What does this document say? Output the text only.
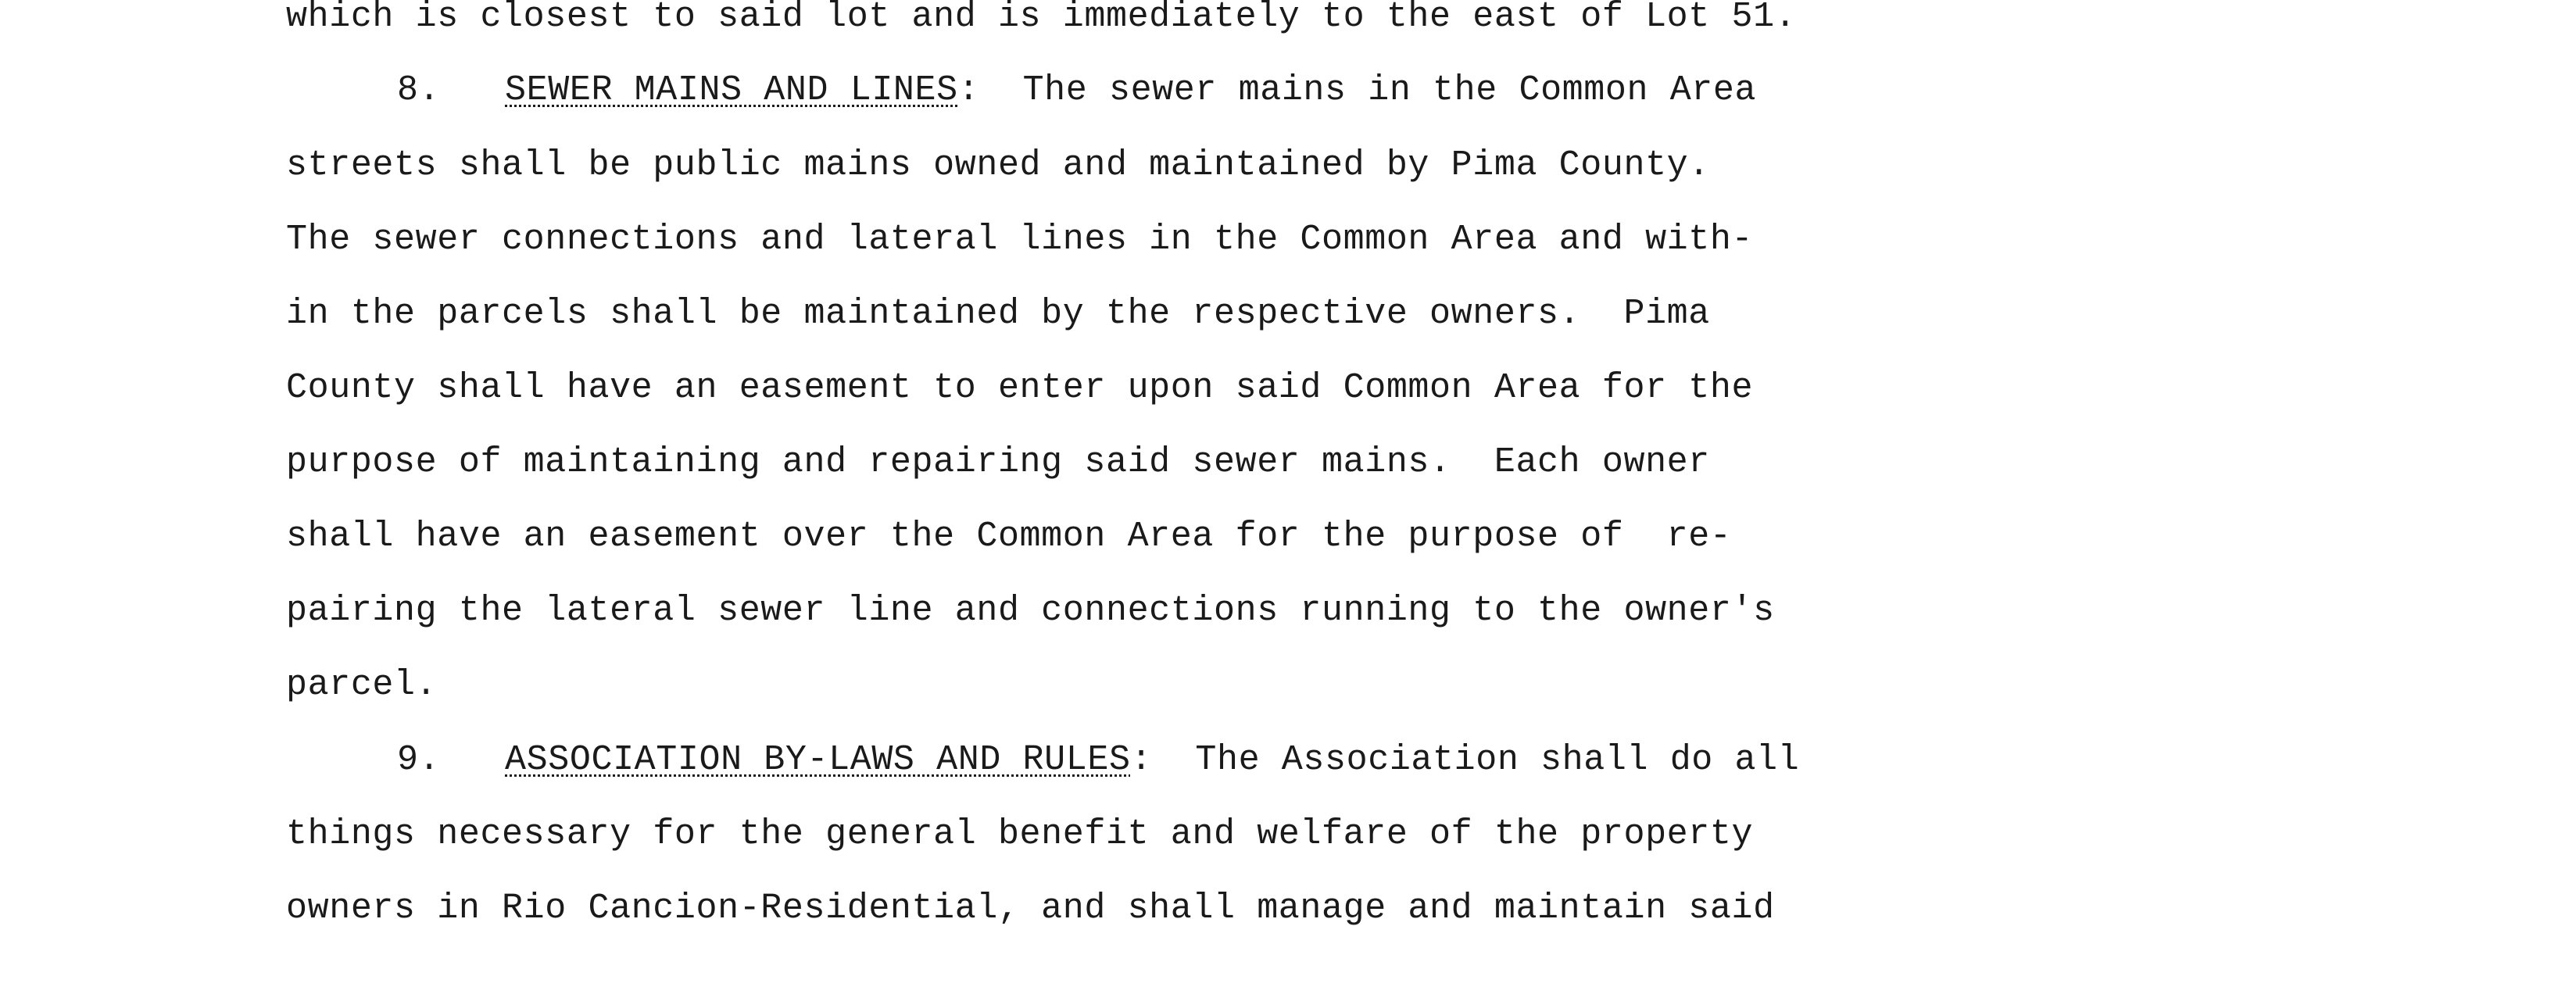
which is closest to said lot and is immediately to the east of Lot 51.
8. SEWER MAINS AND LINES:  The sewer mains in the Common Area
streets shall be public mains owned and maintained by Pima County.
The sewer connections and lateral lines in the Common Area and with-
in the parcels shall be maintained by the respective owners.  Pima
County shall have an easement to enter upon said Common Area for the
purpose of maintaining and repairing said sewer mains.  Each owner
shall have an easement over the Common Area for the purpose of  re-
pairing the lateral sewer line and connections running to the owner's
parcel.
9. ASSOCIATION BY-LAWS AND RULES:  The Association shall do all
things necessary for the general benefit and welfare of the property
owners in Rio Cancion-Residential, and shall manage and maintain said
